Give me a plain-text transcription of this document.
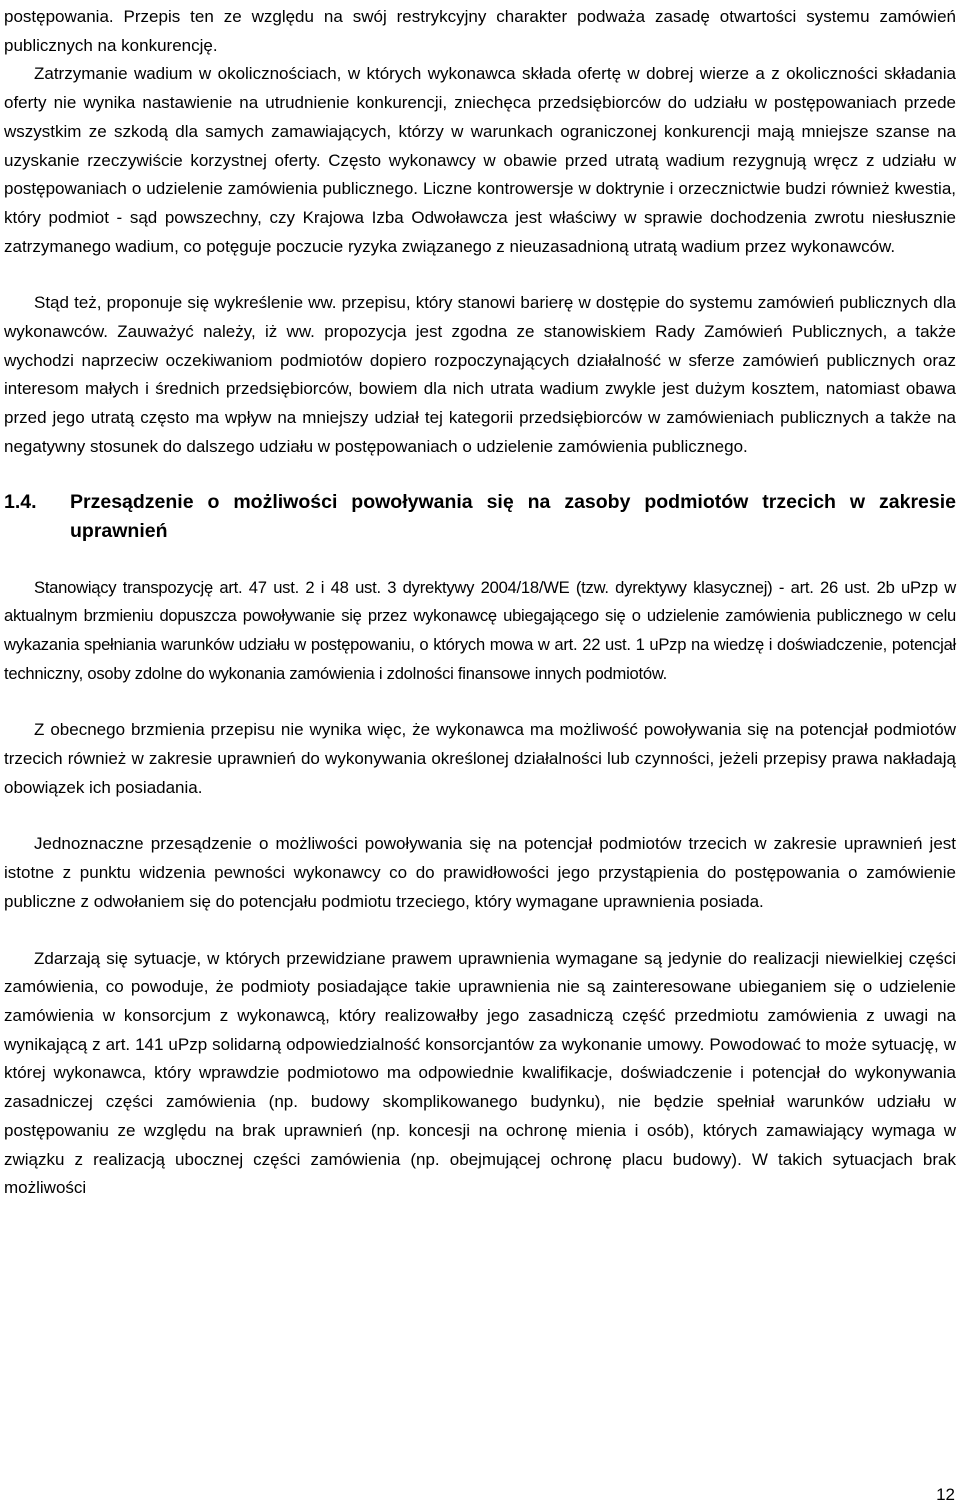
postępowania. Przepis ten ze względu na swój restrykcyjny charakter podważa zasadę otwartości systemu zamówień publicznych na konkurencję.

Zatrzymanie wadium w okolicznościach, w których wykonawca składa ofertę w dobrej wierze a z okoliczności składania oferty nie wynika nastawienie na utrudnienie konkurencji, zniechęca przedsiębiorców do udziału w postępowaniach przede wszystkim ze szkodą dla samych zamawiających, którzy w warunkach ograniczonej konkurencji mają mniejsze szanse na uzyskanie rzeczywiście korzystnej oferty. Często wykonawcy w obawie przed utratą wadium rezygnują wręcz z udziału w postępowaniach o udzielenie zamówienia publicznego. Liczne kontrowersje w doktrynie i orzecznictwie budzi również kwestia, który podmiot - sąd powszechny, czy Krajowa Izba Odwoławcza jest właściwy w sprawie dochodzenia zwrotu niesłusznie zatrzymanego wadium, co potęguje poczucie ryzyka związanego z nieuzasadnioną utratą wadium przez wykonawców.

Stąd też, proponuje się wykreślenie ww. przepisu, który stanowi barierę w dostępie do systemu zamówień publicznych dla wykonawców. Zauważyć należy, iż ww. propozycja jest zgodna ze stanowiskiem Rady Zamówień Publicznych, a także wychodzi naprzeciw oczekiwaniom podmiotów dopiero rozpoczynających działalność w sferze zamówień publicznych oraz interesom małych i średnich przedsiębiorców, bowiem dla nich utrata wadium zwykle jest dużym kosztem, natomiast obawa przed jego utratą często ma wpływ na mniejszy udział tej kategorii przedsiębiorców w zamówieniach publicznych a także na negatywny stosunek do dalszego udziału w postępowaniach o udzielenie zamówienia publicznego.

1.4.	Przesądzenie o możliwości powoływania się na zasoby podmiotów trzecich w zakresie uprawnień

Stanowiący transpozycję art. 47 ust. 2 i 48 ust. 3 dyrektywy 2004/18/WE (tzw. dyrektywy klasycznej) - art. 26 ust. 2b uPzp w aktualnym brzmieniu dopuszcza powoływanie się przez wykonawcę ubiegającego się o udzielenie zamówienia publicznego w celu wykazania spełniania warunków udziału w postępowaniu, o których mowa w art. 22 ust. 1 uPzp na wiedzę i doświadczenie, potencjał techniczny, osoby zdolne do wykonania zamówienia i zdolności finansowe innych podmiotów.

Z obecnego brzmienia przepisu nie wynika więc, że wykonawca ma możliwość powoływania się na potencjał podmiotów trzecich również w zakresie uprawnień do wykonywania określonej działalności lub czynności, jeżeli przepisy prawa nakładają obowiązek ich posiadania.

Jednoznaczne przesądzenie o możliwości powoływania się na potencjał podmiotów trzecich w zakresie uprawnień jest istotne z punktu widzenia pewności wykonawcy co do prawidłowości jego przystąpienia do postępowania o zamówienie publiczne z odwołaniem się do potencjału podmiotu trzeciego, który wymagane uprawnienia posiada.

Zdarzają się sytuacje, w których przewidziane prawem uprawnienia wymagane są jedynie do realizacji niewielkiej części zamówienia, co powoduje, że podmioty posiadające takie uprawnienia nie są zainteresowane ubieganiem się o udzielenie zamówienia w konsorcjum z wykonawcą, który realizowałby jego zasadniczą część przedmiotu zamówienia z uwagi na wynikającą z art. 141 uPzp solidarną odpowiedzialność konsorcjantów za wykonanie umowy. Powodować to może sytuację, w której wykonawca, który wprawdzie podmiotowo ma odpowiednie kwalifikacje, doświadczenie i potencjał do wykonywania zasadniczej części zamówienia (np. budowy skomplikowanego budynku), nie będzie spełniał warunków udziału w postępowaniu ze względu na brak uprawnień (np. koncesji na ochronę mienia i osób), których zamawiający wymaga w związku z realizacją ubocznej części zamówienia (np. obejmującej ochronę placu budowy). W takich sytuacjach brak możliwości

12
